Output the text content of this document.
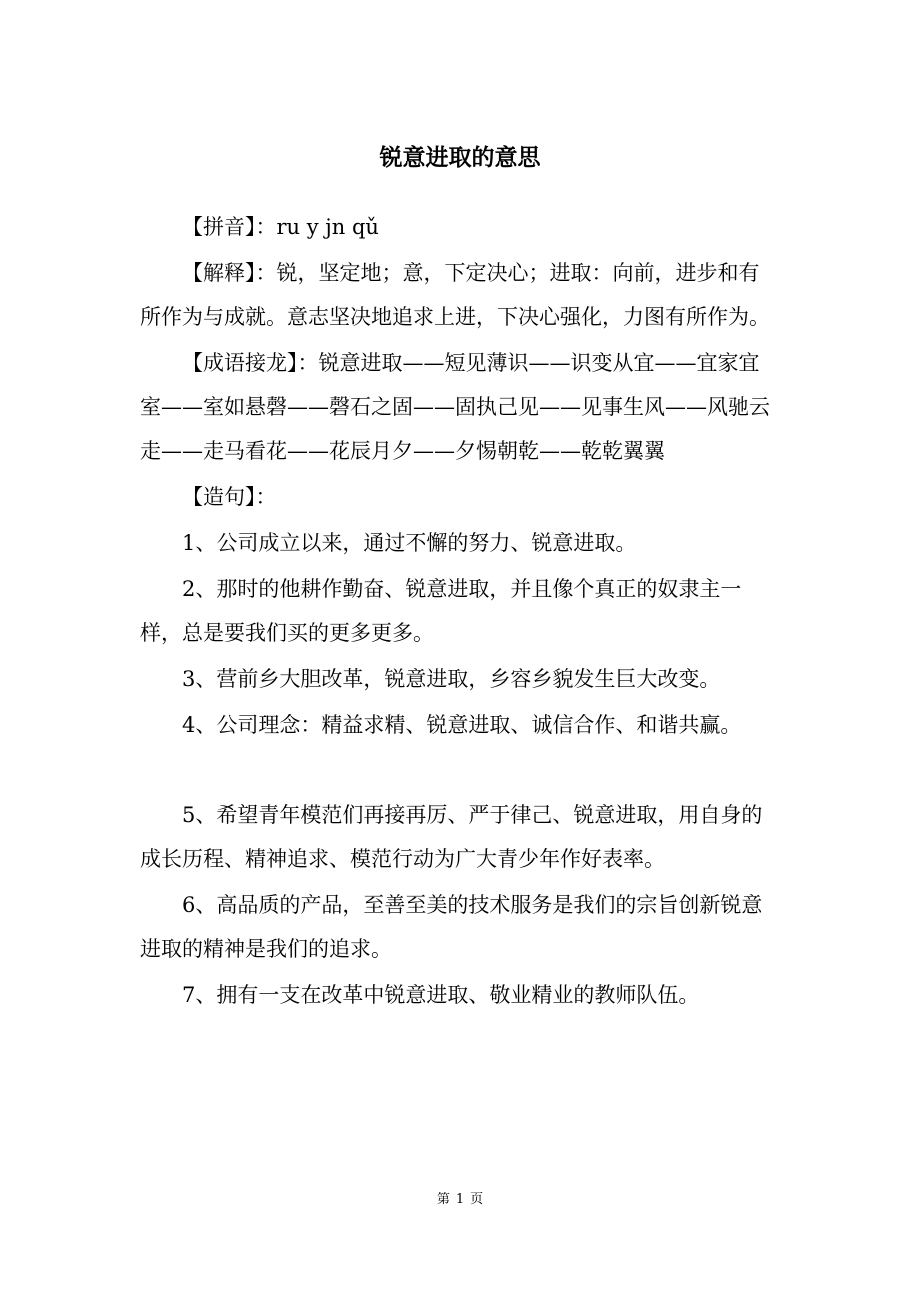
锐意进取的意思

【拼音】：ru y jn qǔ

【解释】：锐，坚定地；意，下定决心；进取：向前，进步和有所作为与成就。意志坚决地追求上进，下决心强化，力图有所作为。

【成语接龙】：锐意进取——短见薄识——识变从宜——宜家宜室——室如悬磬——磬石之固——固执己见——见事生风——风驰云走——走马看花——花辰月夕——夕惕朝乾——乾乾翼翼

【造句】：

1、公司成立以来，通过不懈的努力、锐意进取。

2、那时的他耕作勤奋、锐意进取，并且像个真正的奴隶主一样，总是要我们买的更多更多。

3、营前乡大胆改革，锐意进取，乡容乡貌发生巨大改变。

4、公司理念：精益求精、锐意进取、诚信合作、和谐共赢。

5、希望青年模范们再接再厉、严于律己、锐意进取，用自身的成长历程、精神追求、模范行动为广大青少年作好表率。

6、高品质的产品，至善至美的技术服务是我们的宗旨创新锐意进取的精神是我们的追求。

7、拥有一支在改革中锐意进取、敬业精业的教师队伍。

第 1 页
